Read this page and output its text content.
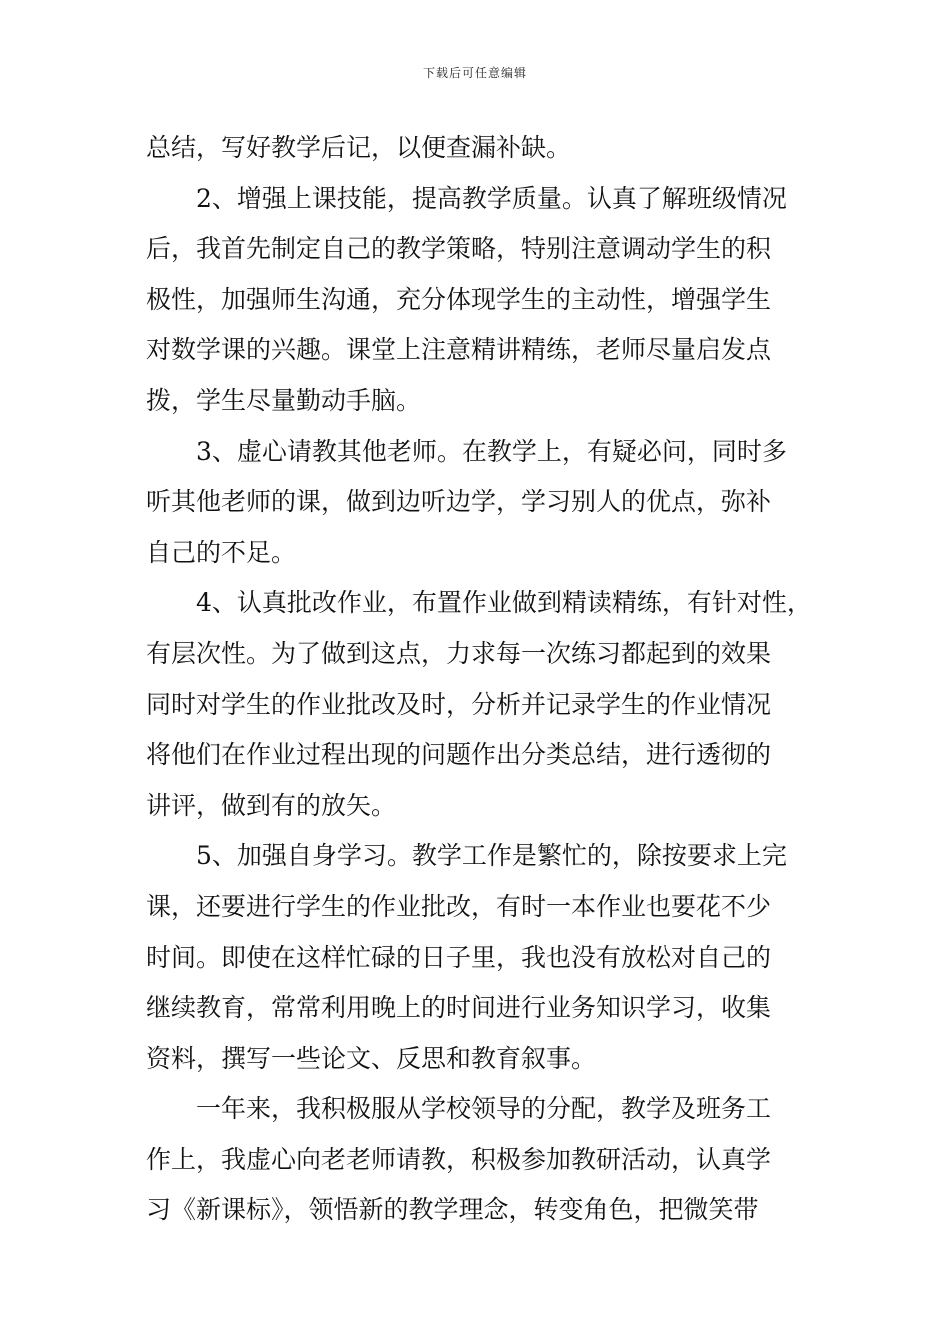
下载后可任意编辑
总结，写好教学后记，以便查漏补缺。
2、增强上课技能，提高教学质量。认真了解班级情况
后，我首先制定自己的教学策略，特别注意调动学生的积
极性，加强师生沟通，充分体现学生的主动性，增强学生
对数学课的兴趣。课堂上注意精讲精练，老师尽量启发点
拨，学生尽量勤动手脑。
3、虚心请教其他老师。在教学上，有疑必问，同时多
听其他老师的课，做到边听边学，学习别人的优点，弥补
自己的不足。
4、认真批改作业，布置作业做到精读精练，有针对性，
有层次性。为了做到这点，力求每一次练习都起到的效果
同时对学生的作业批改及时，分析并记录学生的作业情况
将他们在作业过程出现的问题作出分类总结，进行透彻的
讲评，做到有的放矢。
5、加强自身学习。教学工作是繁忙的，除按要求上完
课，还要进行学生的作业批改，有时一本作业也要花不少
时间。即使在这样忙碌的日子里，我也没有放松对自己的
继续教育，常常利用晚上的时间进行业务知识学习，收集
资料，撰写一些论文、反思和教育叙事。
一年来，我积极服从学校领导的分配，教学及班务工
作上，我虚心向老老师请教，积极参加教研活动，认真学
习《新课标》，领悟新的教学理念，转变角色，把微笑带
